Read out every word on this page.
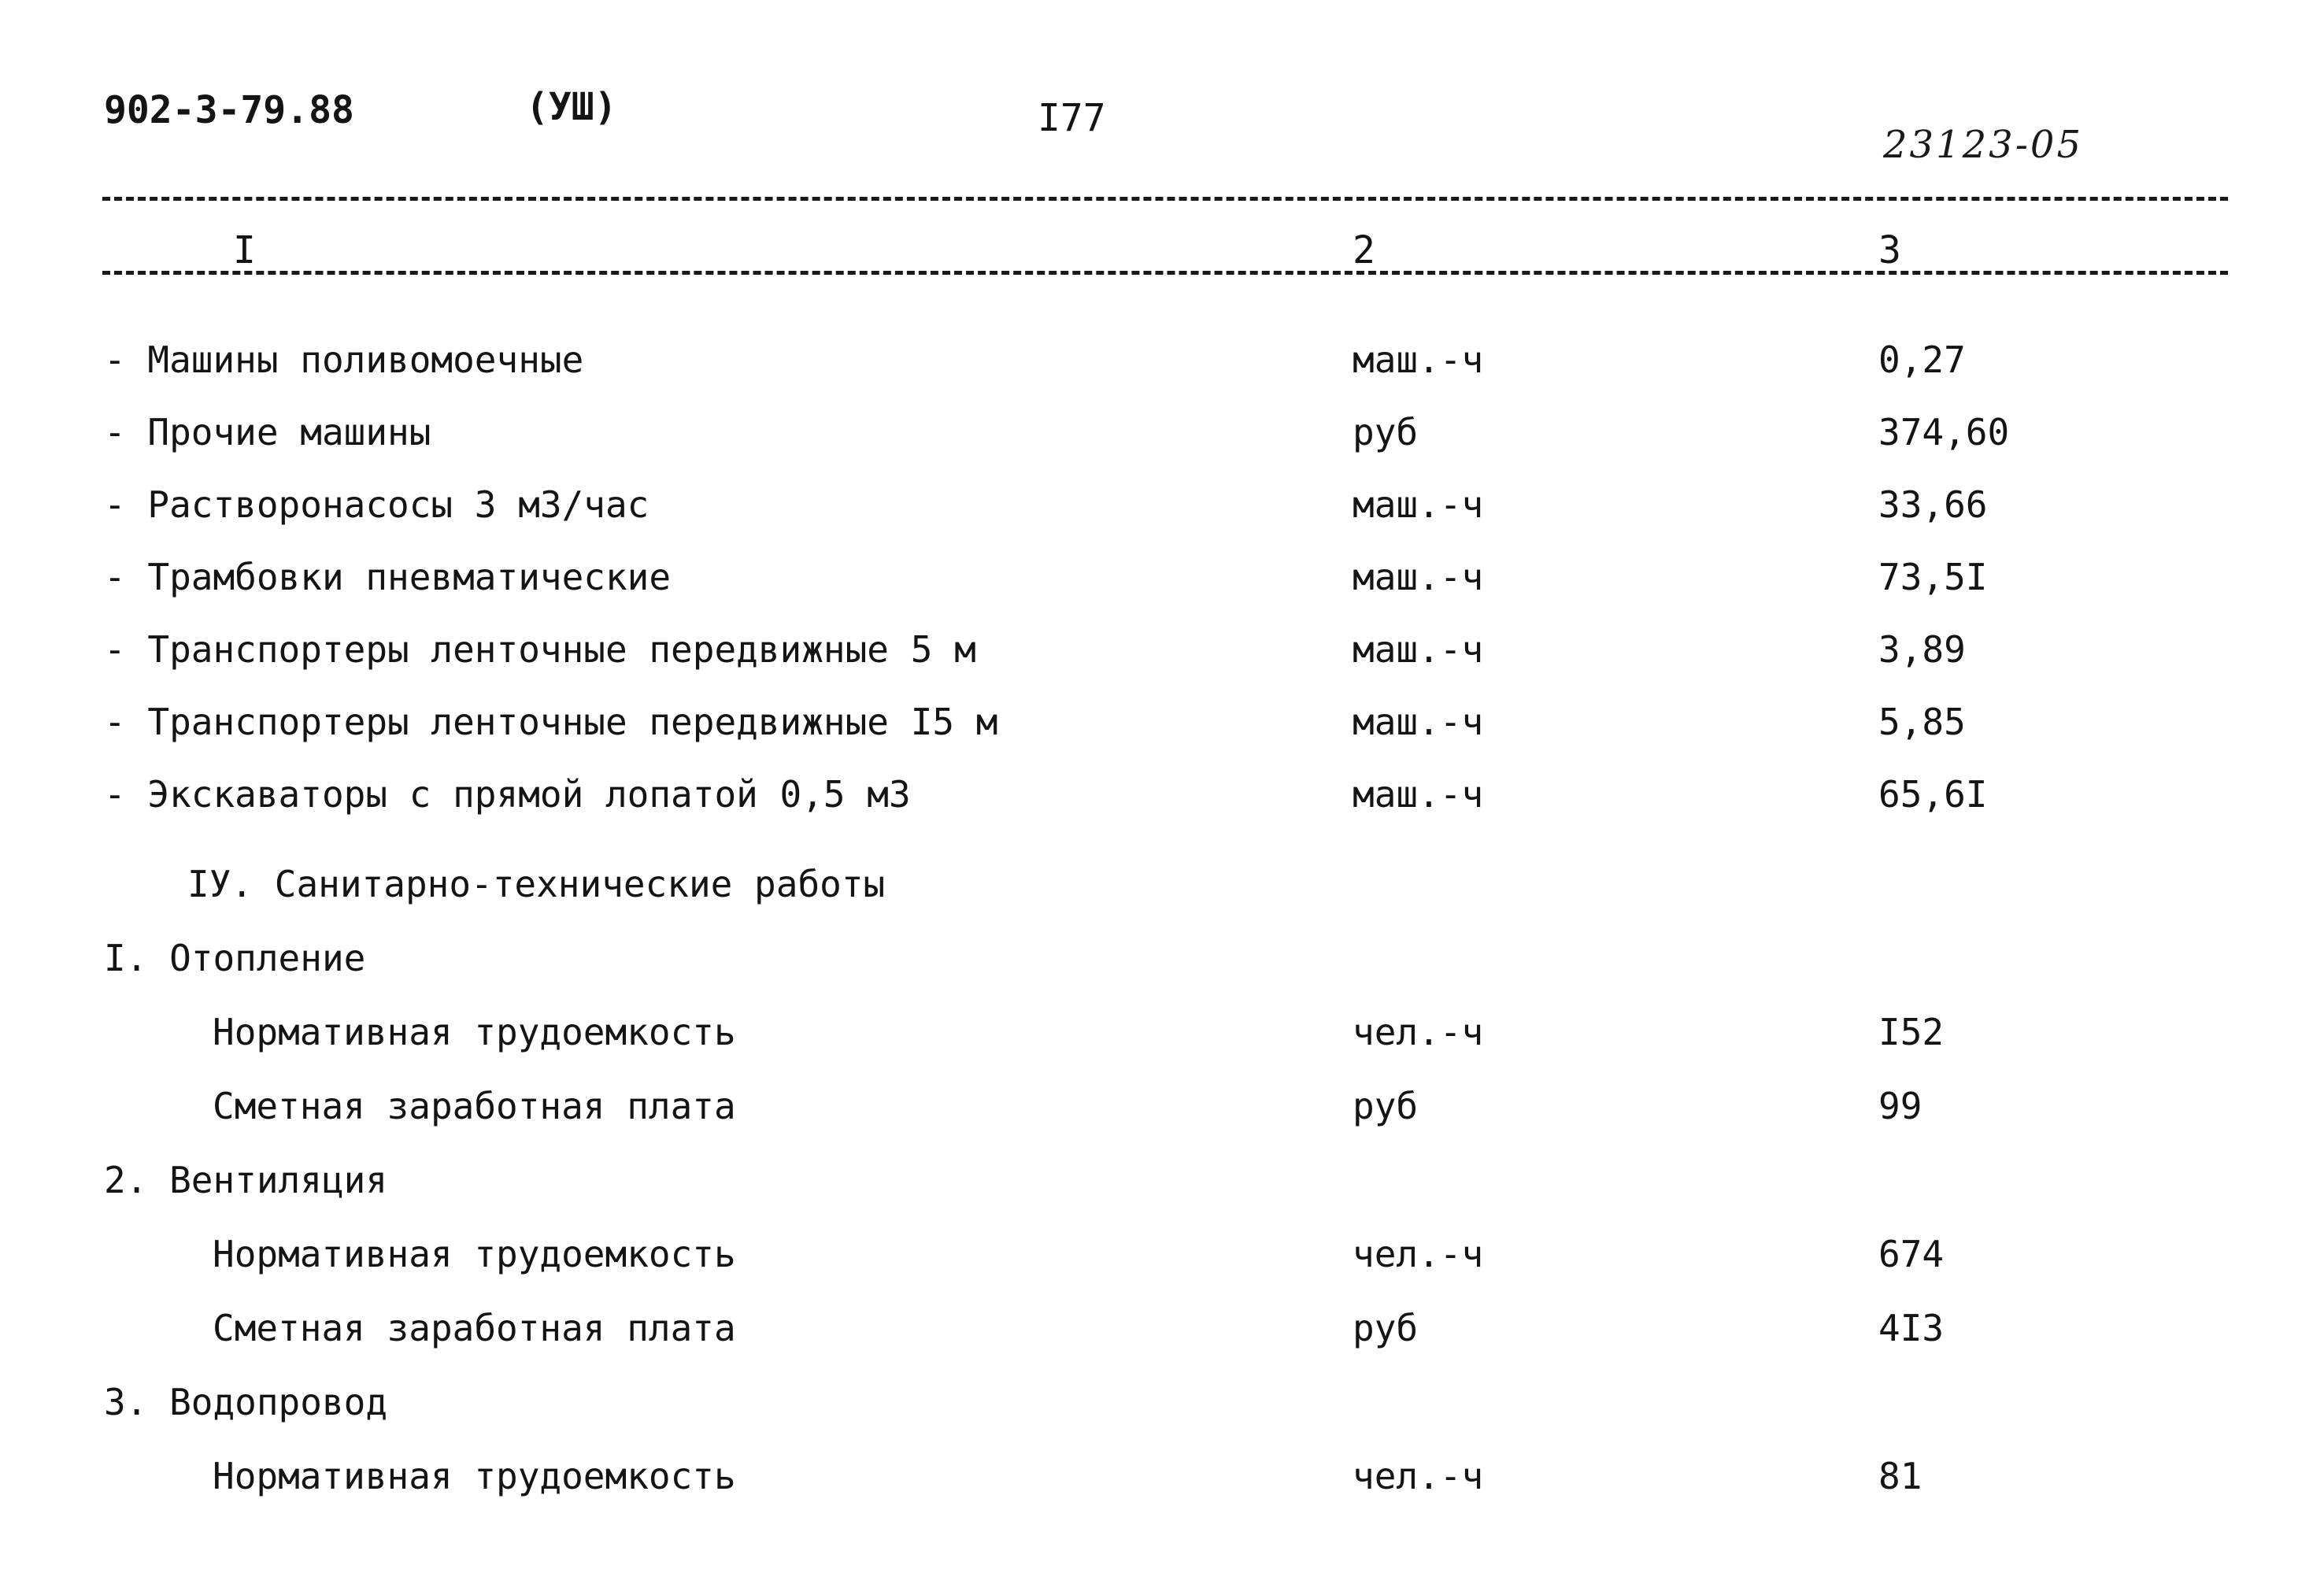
902-3-79.88	(УШ)	I77
23123-05
I	2	3
- Машины поливомоечные	маш.-ч	0,27
- Прочие машины	руб	374,60
- Растворонасосы 3 м3/час	маш.-ч	33,66
- Трамбовки пневматические	маш.-ч	73,5I
- Транспортеры ленточные передвижные 5 м	маш.-ч	3,89
- Транспортеры ленточные передвижные I5 м	маш.-ч	5,85
- Экскаваторы с прямой лопатой 0,5 м3	маш.-ч	65,6I
IУ. Санитарно-технические работы
I. Отопление
Нормативная трудоемкость	чел.-ч	I52
Сметная заработная плата	руб	99
2. Вентиляция
Нормативная трудоемкость	чел.-ч	674
Сметная заработная плата	руб	4I3
3. Водопровод
Нормативная трудоемкость	чел.-ч	81
